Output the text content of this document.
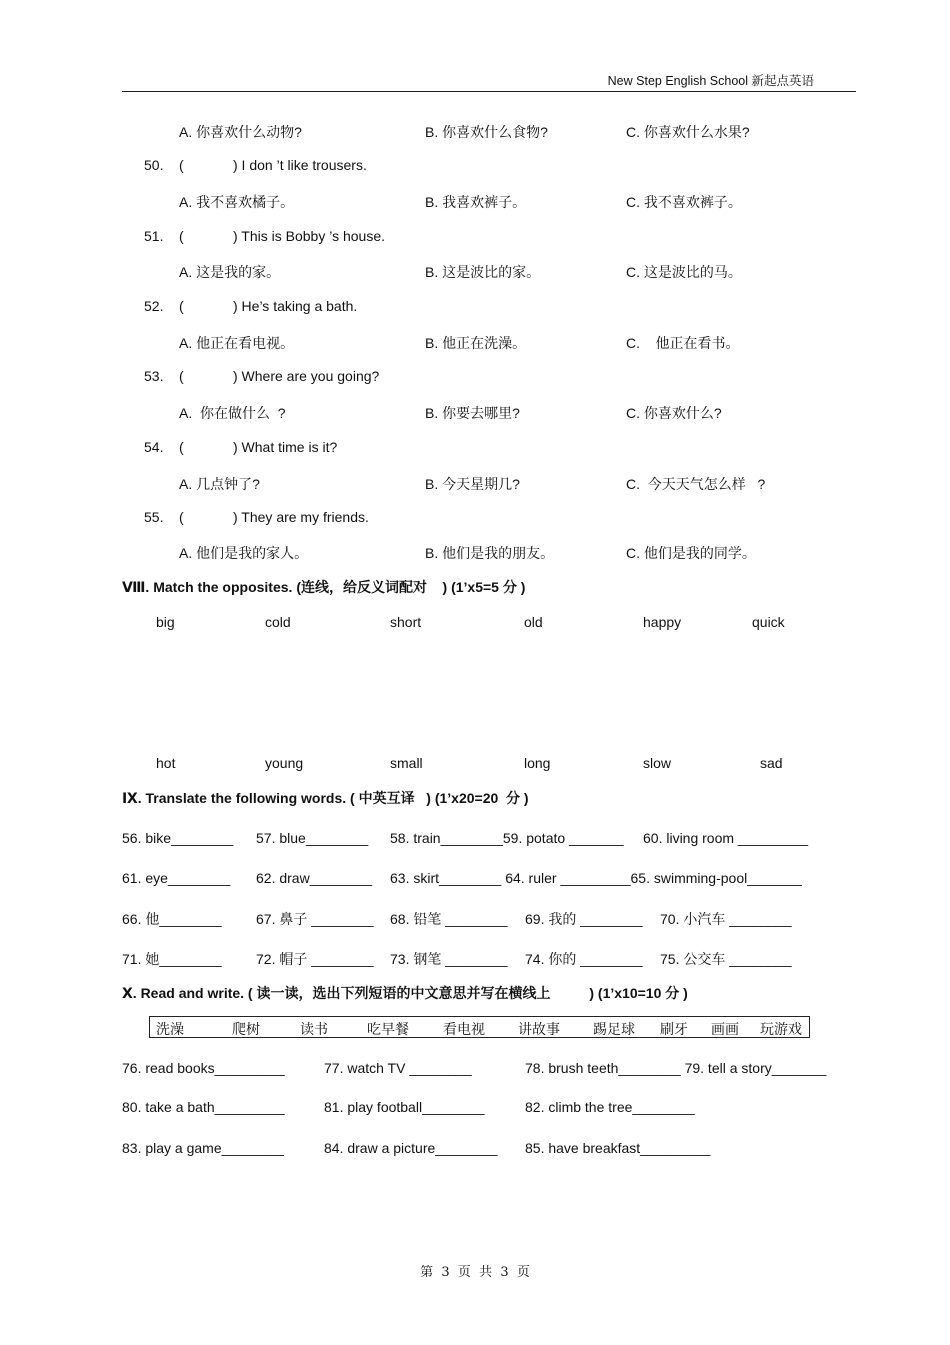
New Step English School 新起点英语
A. 你喜欢什么动物?	B. 你喜欢什么食物?	C. 你喜欢什么水果?
50. (	) I don ’t like trousers.
A. 我不喜欢橘子。	B. 我喜欢裤子。	C. 我不喜欢裤子。
51. (	) This is Bobby ’s house.
A. 这是我的家。	B. 这是波比的家。	C. 这是波比的马。
52. (	) He’s taking a bath.
A. 他正在看电视。	B. 他正在洗澡。	C.    他正在看书。
53. (	) Where are you going?
A.  你在做什么  ?	B. 你要去哪里?	C. 你喜欢什么?
54. (	) What time is it?
A. 几点钟了?	B. 今天星期几?	C.  今天天气怎么样   ?
55. (	) They are my friends.
A. 他们是我的家人。	B. 他们是我的朋友。	C. 他们是我的同学。
Ⅷ. Match the opposites. (连线，给反义词配对    ) (1’x5=5 分 )
big	cold	short	old	happy	quick
hot	young	small	long	slow	sad
Ⅸ. Translate the following words. ( 中英互译   ) (1’x20=20  分 )
56. bike________ 57. blue________ 58. train________59. potato _______ 60. living room _________
61. eye________ 62. draw________ 63. skirt________ 64. ruler _________65. swimming-pool_______
66. 他________ 67. 鼻子 ________ 68. 铅笔 ________ 69. 我的 ________ 70. 小汽车 ________
71. 她________ 72. 帽子 ________ 73. 钢笔 ________ 74. 你的 ________ 75. 公交车 ________
Ⅹ. Read and write. ( 读一读，选出下列短语的中文意思并写在横线上          ) (1’x10=10 分 )
洗澡	爬树	读书	吃早餐 看电视 讲故事 踢足球 刷牙 画画 玩游戏
76. read books_________	77. watch TV ________	78. brush teeth________ 79. tell a story_______
80. take a bath_________	81. play football________	82. climb the tree________
83. play a game________	84. draw a picture________ 85. have breakfast_________
第  3  页  共  3  页
